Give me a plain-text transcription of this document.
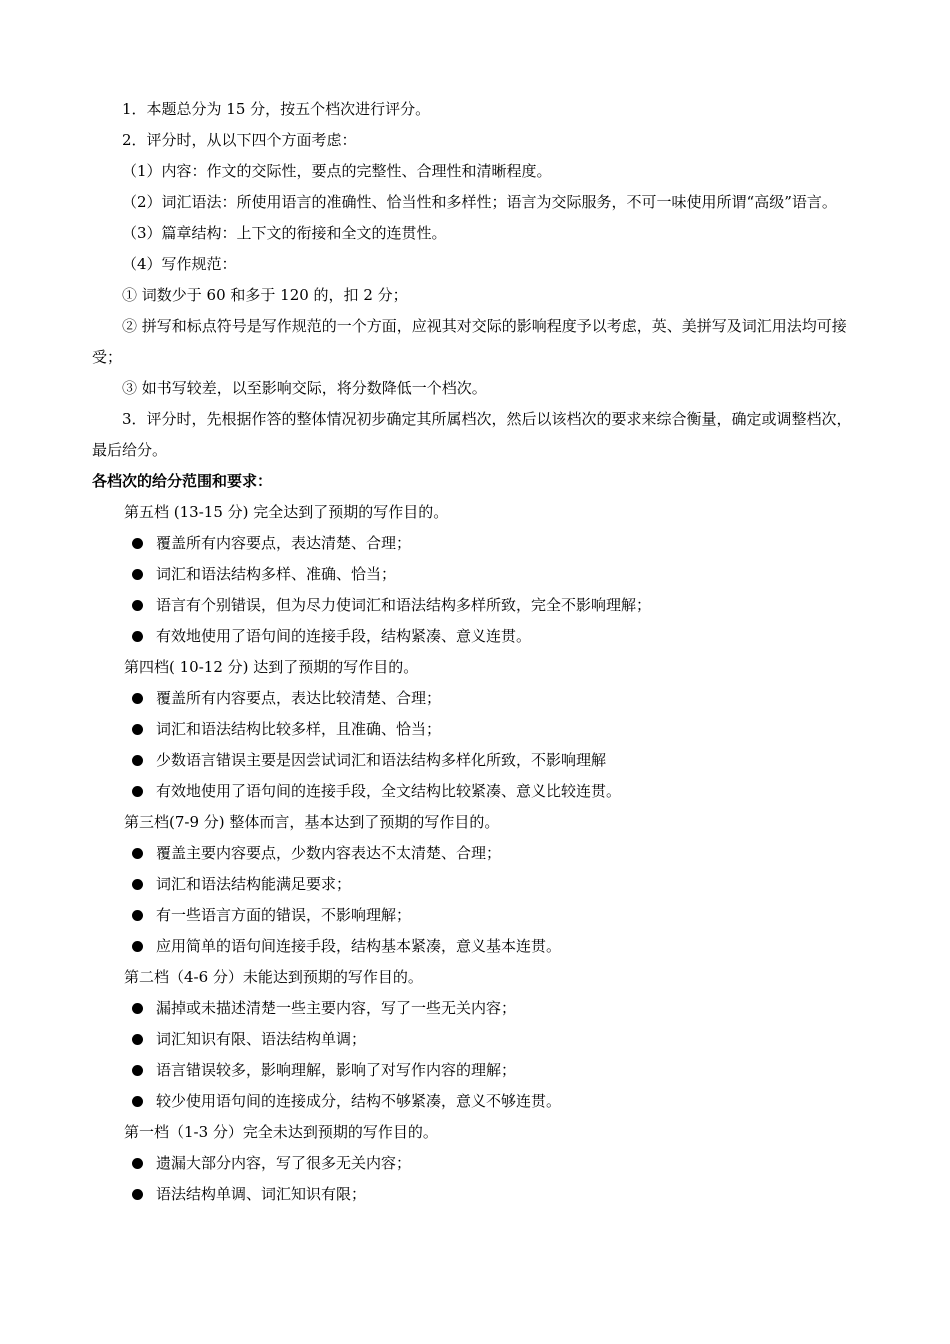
1．本题总分为 15 分，按五个档次进行评分。

2．评分时，从以下四个方面考虑：

（1）内容：作文的交际性，要点的完整性、合理性和清晰程度。

（2）词汇语法：所使用语言的准确性、恰当性和多样性；语言为交际服务，不可一味使用所谓“高级”语言。

（3）篇章结构：上下文的衔接和全文的连贯性。

（4）写作规范：

① 词数少于 60 和多于 120 的，扣 2 分；

② 拼写和标点符号是写作规范的一个方面，应视其对交际的影响程度予以考虑，英、美拼写及词汇用法均可接受；

③ 如书写较差，以至影响交际，将分数降低一个档次。

3．评分时，先根据作答的整体情况初步确定其所属档次，然后以该档次的要求来综合衡量，确定或调整档次，最后给分。

各档次的给分范围和要求：

第五档 (13-15 分) 完全达到了预期的写作目的。

覆盖所有内容要点，表达清楚、合理；

词汇和语法结构多样、准确、恰当；

语言有个别错误，但为尽力使词汇和语法结构多样所致，完全不影响理解；

有效地使用了语句间的连接手段，结构紧凑、意义连贯。

第四档( 10-12 分) 达到了预期的写作目的。

覆盖所有内容要点，表达比较清楚、合理；

词汇和语法结构比较多样，且准确、恰当；

少数语言错误主要是因尝试词汇和语法结构多样化所致，不影响理解

有效地使用了语句间的连接手段，全文结构比较紧凑、意义比较连贯。

第三档(7-9 分) 整体而言，基本达到了预期的写作目的。

覆盖主要内容要点，少数内容表达不太清楚、合理；

词汇和语法结构能满足要求；

有一些语言方面的错误，不影响理解；

应用简单的语句间连接手段，结构基本紧凑，意义基本连贯。

第二档（4-6 分）未能达到预期的写作目的。

漏掉或未描述清楚一些主要内容，写了一些无关内容；

词汇知识有限、语法结构单调；

语言错误较多，影响理解，影响了对写作内容的理解；

较少使用语句间的连接成分，结构不够紧凑，意义不够连贯。

第一档（1-3 分）完全未达到预期的写作目的。

遗漏大部分内容，写了很多无关内容；

语法结构单调、词汇知识有限；
